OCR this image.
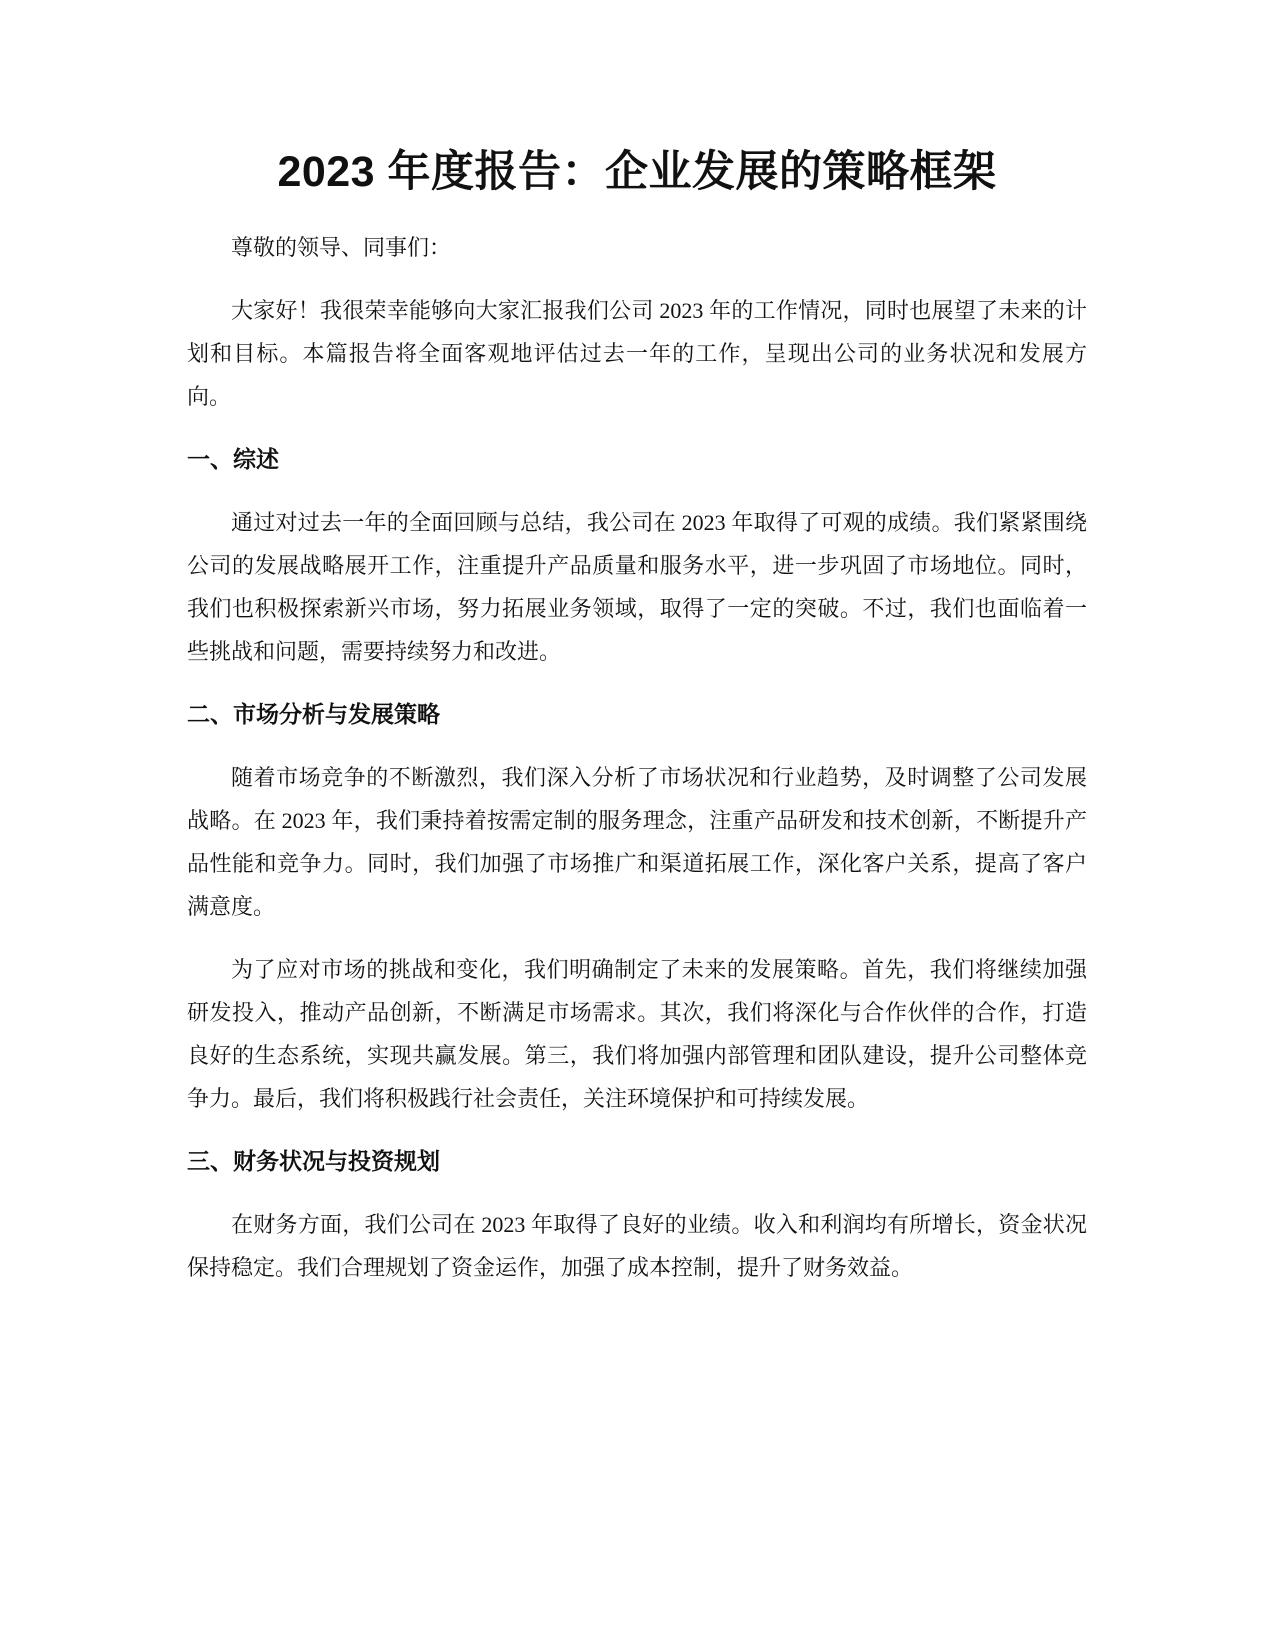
2023 年度报告：企业发展的策略框架

尊敬的领导、同事们：

大家好！我很荣幸能够向大家汇报我们公司 2023 年的工作情况，同时也展望了未来的计划和目标。本篇报告将全面客观地评估过去一年的工作，呈现出公司的业务状况和发展方向。

一、综述

通过对过去一年的全面回顾与总结，我公司在 2023 年取得了可观的成绩。我们紧紧围绕公司的发展战略展开工作，注重提升产品质量和服务水平，进一步巩固了市场地位。同时，我们也积极探索新兴市场，努力拓展业务领域，取得了一定的突破。不过，我们也面临着一些挑战和问题，需要持续努力和改进。

二、市场分析与发展策略

随着市场竞争的不断激烈，我们深入分析了市场状况和行业趋势，及时调整了公司发展战略。在 2023 年，我们秉持着按需定制的服务理念，注重产品研发和技术创新，不断提升产品性能和竞争力。同时，我们加强了市场推广和渠道拓展工作，深化客户关系，提高了客户满意度。

为了应对市场的挑战和变化，我们明确制定了未来的发展策略。首先，我们将继续加强研发投入，推动产品创新，不断满足市场需求。其次，我们将深化与合作伙伴的合作，打造良好的生态系统，实现共赢发展。第三，我们将加强内部管理和团队建设，提升公司整体竞争力。最后，我们将积极践行社会责任，关注环境保护和可持续发展。

三、财务状况与投资规划

在财务方面，我们公司在 2023 年取得了良好的业绩。收入和利润均有所增长，资金状况保持稳定。我们合理规划了资金运作，加强了成本控制，提升了财务效益。
